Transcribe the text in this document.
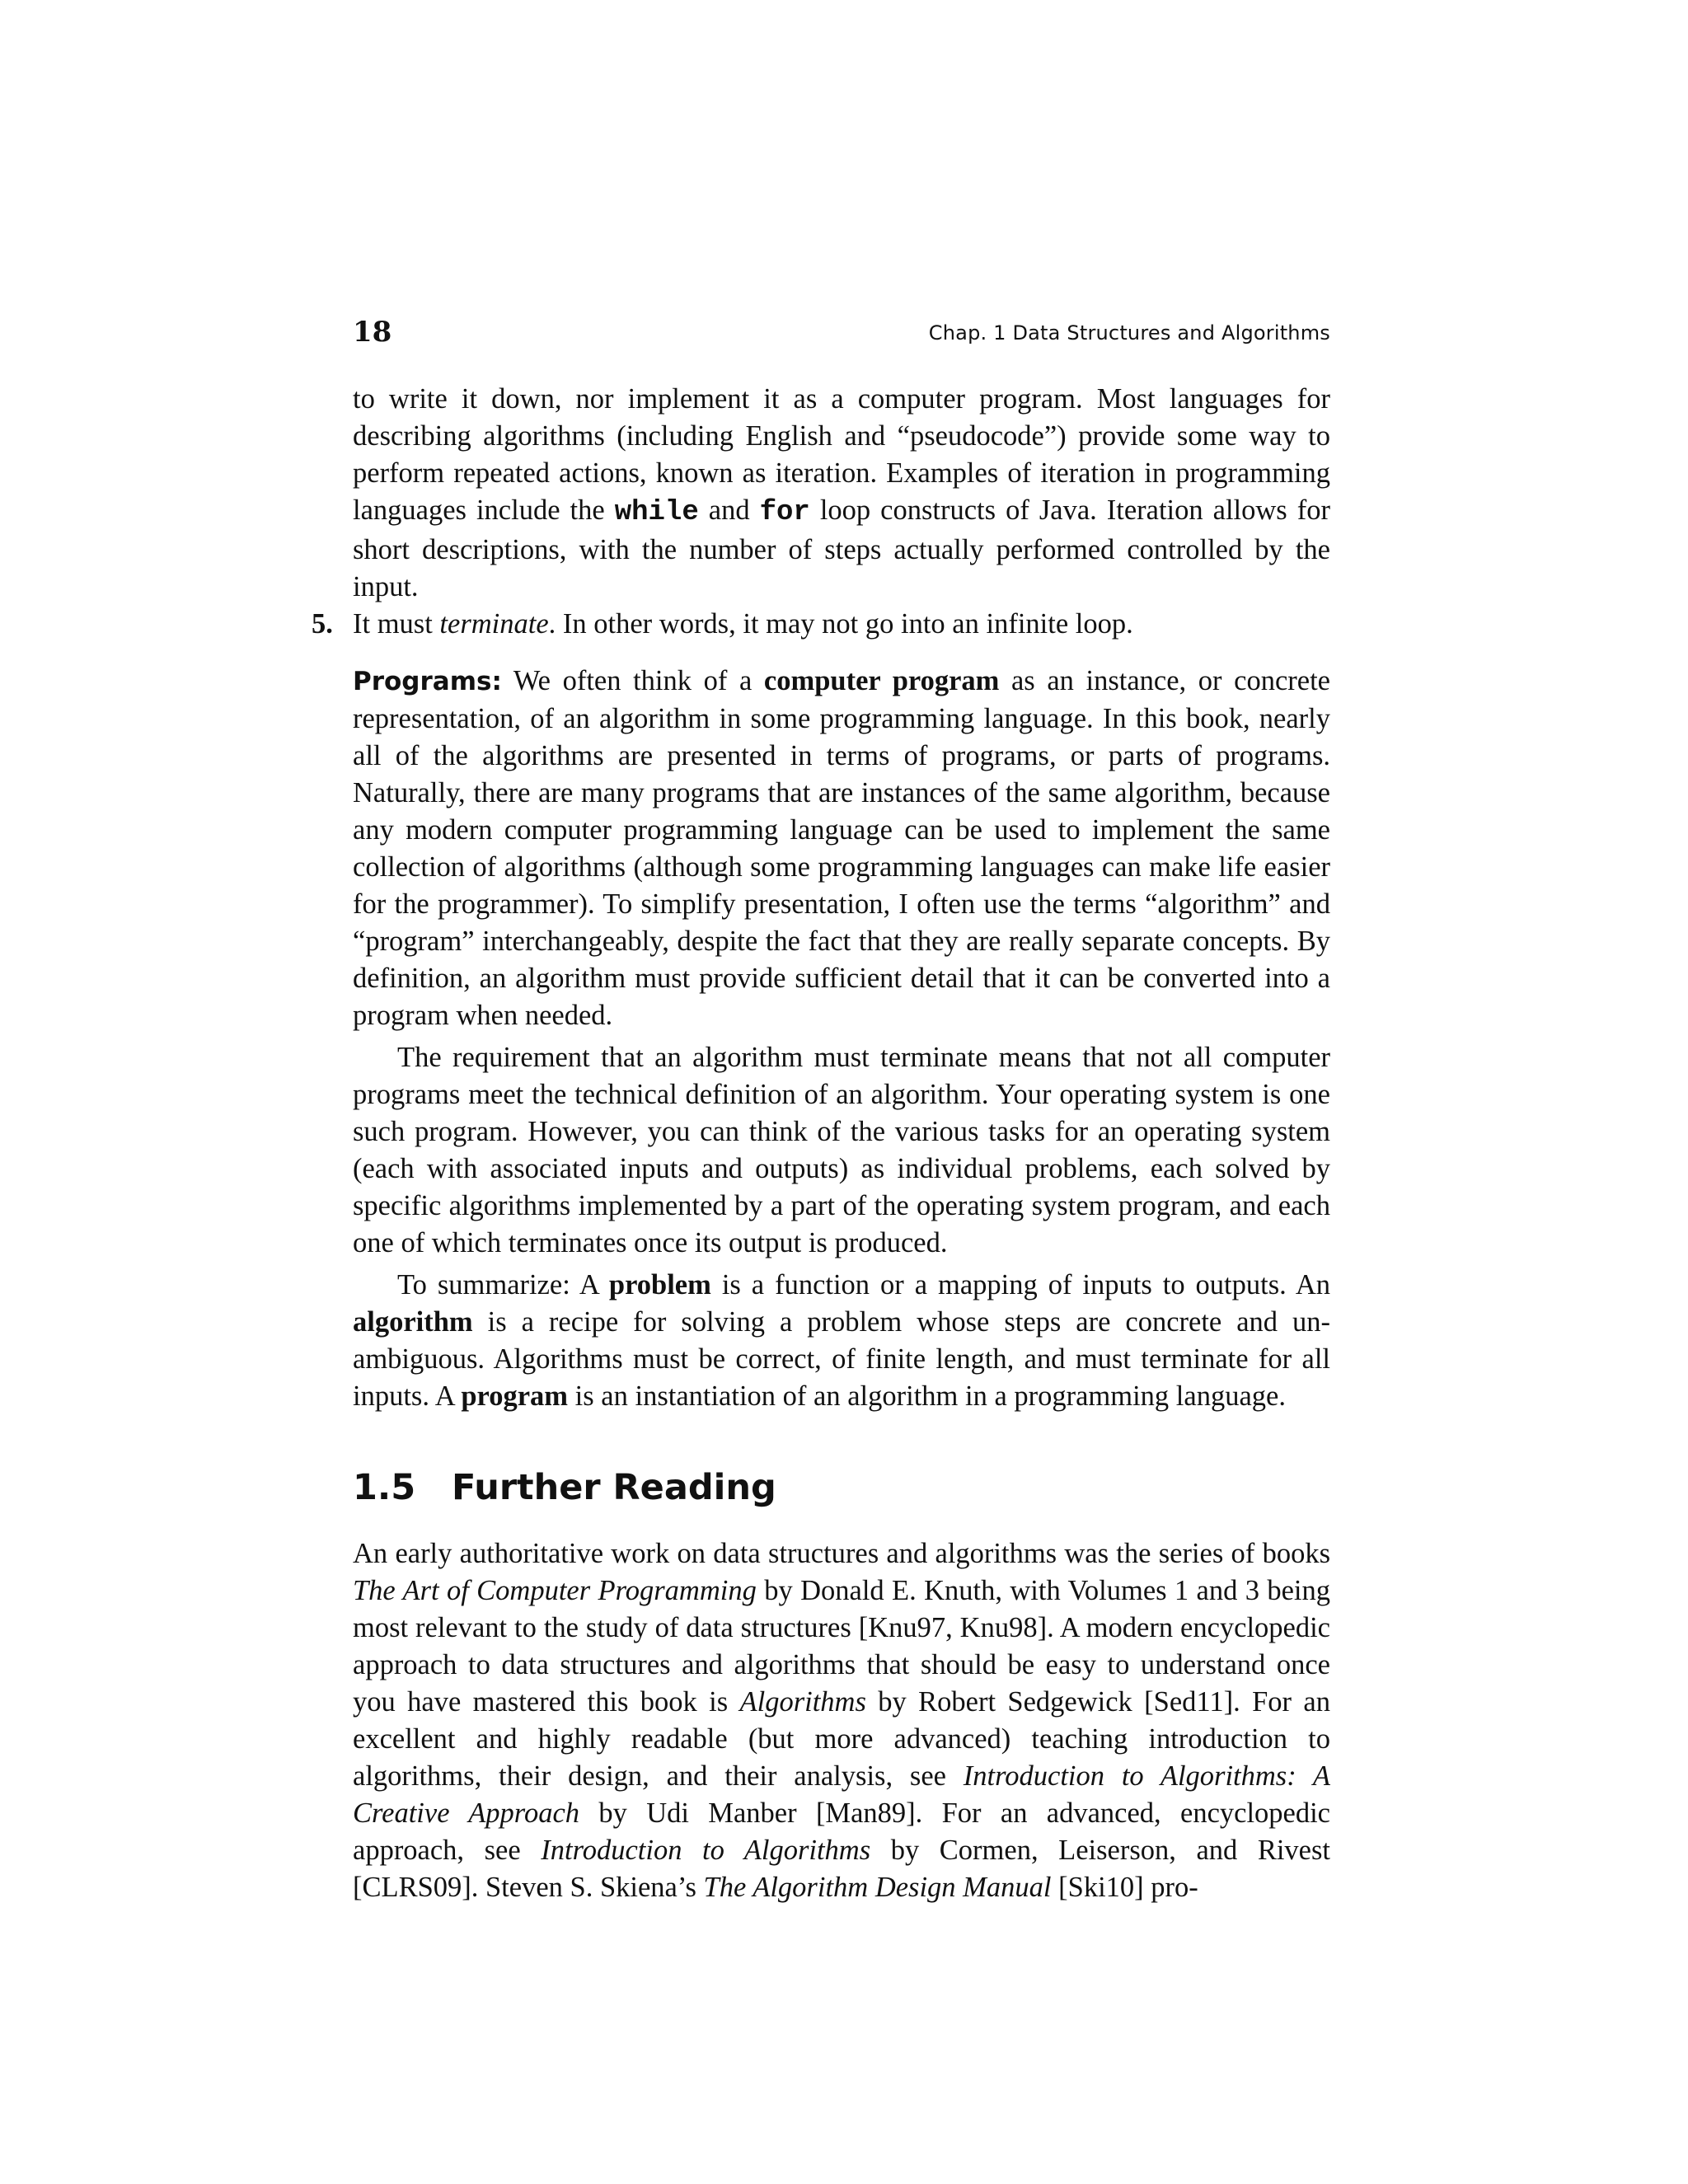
18	Chap. 1 Data Structures and Algorithms

to write it down, nor implement it as a computer program. Most languages for describing algorithms (including English and “pseudocode”) provide some way to perform repeated actions, known as iteration. Examples of iteration in programming languages include the while and for loop constructs of Java. Iteration allows for short descriptions, with the number of steps actually performed controlled by the input.

5. It must terminate. In other words, it may not go into an infinite loop.

Programs: We often think of a computer program as an instance, or concrete representation, of an algorithm in some programming language. In this book, nearly all of the algorithms are presented in terms of programs, or parts of programs. Naturally, there are many programs that are instances of the same algorithm, because any modern computer programming language can be used to implement the same collection of algorithms (although some programming languages can make life easier for the programmer). To simplify presentation, I often use the terms “algorithm” and “program” interchangeably, despite the fact that they are really separate concepts. By definition, an algorithm must provide sufficient detail that it can be converted into a program when needed.

The requirement that an algorithm must terminate means that not all computer programs meet the technical definition of an algorithm. Your operating system is one such program. However, you can think of the various tasks for an operating system (each with associated inputs and outputs) as individual problems, each solved by specific algorithms implemented by a part of the operating system program, and each one of which terminates once its output is produced.

To summarize: A problem is a function or a mapping of inputs to outputs. An algorithm is a recipe for solving a problem whose steps are concrete and unambiguous. Algorithms must be correct, of finite length, and must terminate for all inputs. A program is an instantiation of an algorithm in a programming language.

1.5 Further Reading

An early authoritative work on data structures and algorithms was the series of books The Art of Computer Programming by Donald E. Knuth, with Volumes 1 and 3 being most relevant to the study of data structures [Knu97, Knu98]. A modern encyclopedic approach to data structures and algorithms that should be easy to understand once you have mastered this book is Algorithms by Robert Sedgewick [Sed11]. For an excellent and highly readable (but more advanced) teaching introduction to algorithms, their design, and their analysis, see Introduction to Algorithms: A Creative Approach by Udi Manber [Man89]. For an advanced, encyclopedic approach, see Introduction to Algorithms by Cormen, Leiserson, and Rivest [CLRS09]. Steven S. Skiena’s The Algorithm Design Manual [Ski10] pro-
